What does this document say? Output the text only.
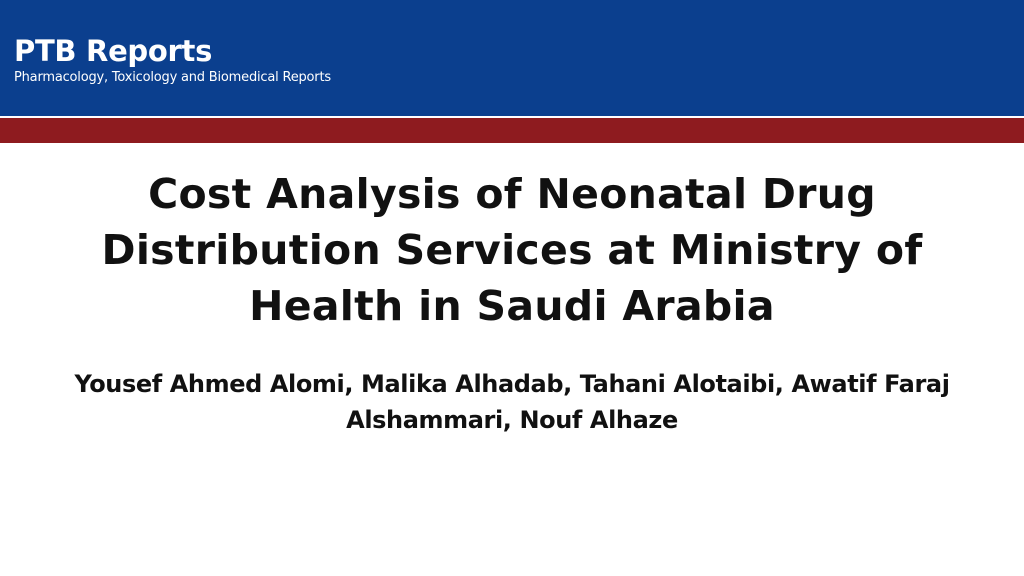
PTB Reports

Pharmacology, Toxicology and Biomedical Reports

Cost Analysis of Neonatal Drug Distribution Services at Ministry of Health in Saudi Arabia

Yousef Ahmed Alomi, Malika Alhadab, Tahani Alotaibi, Awatif Faraj Alshammari, Nouf Alhaze
